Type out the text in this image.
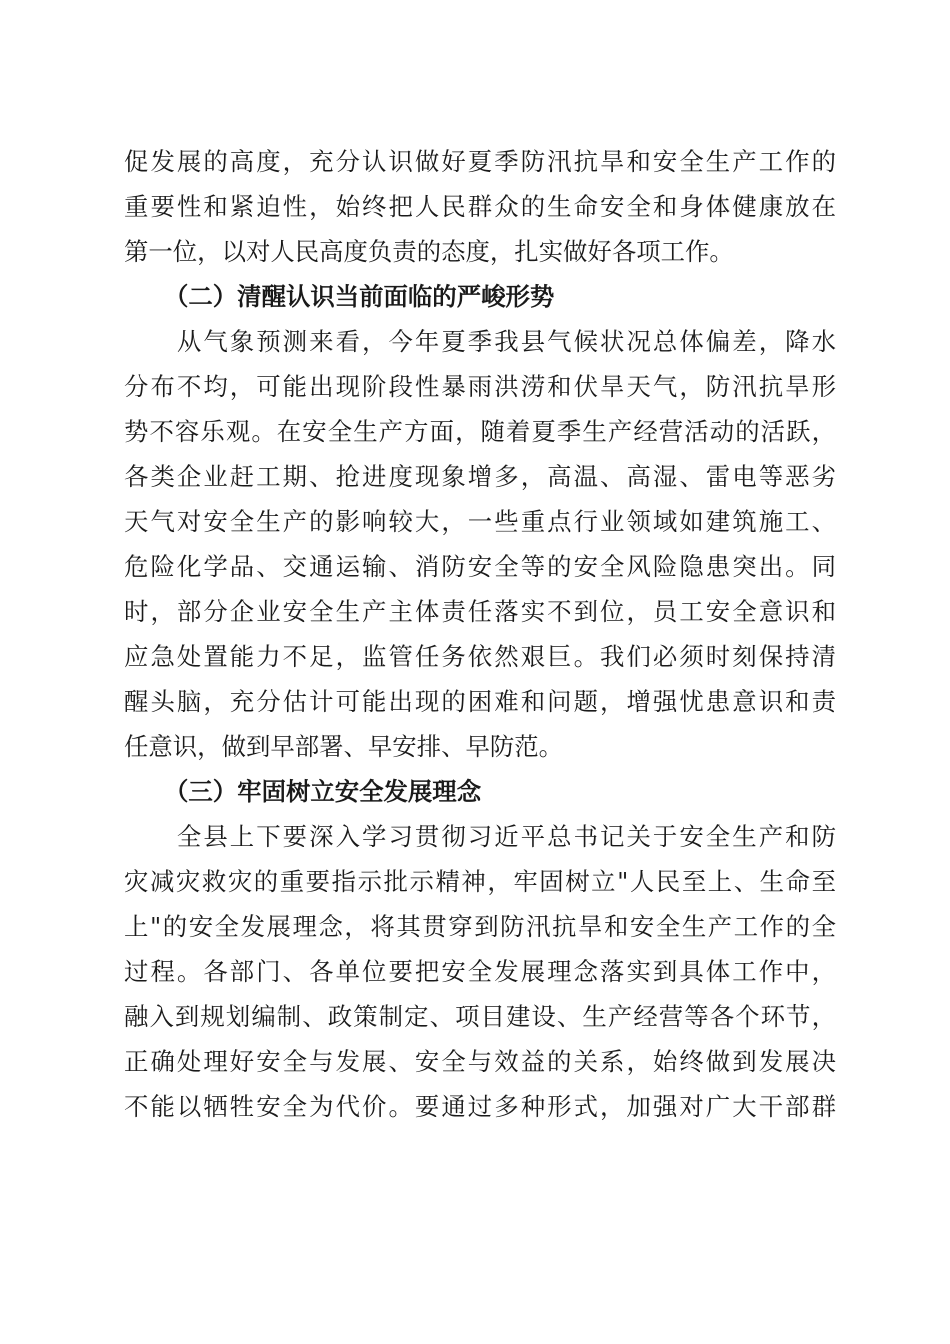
促发展的高度，充分认识做好夏季防汛抗旱和安全生产工作的
重要性和紧迫性，始终把人民群众的生命安全和身体健康放在
第一位，以对人民高度负责的态度，扎实做好各项工作。
（二）清醒认识当前面临的严峻形势
　　从气象预测来看，今年夏季我县气候状况总体偏差，降水
分布不均，可能出现阶段性暴雨洪涝和伏旱天气，防汛抗旱形
势不容乐观。在安全生产方面，随着夏季生产经营活动的活跃，
各类企业赶工期、抢进度现象增多，高温、高湿、雷电等恶劣
天气对安全生产的影响较大，一些重点行业领域如建筑施工、
危险化学品、交通运输、消防安全等的安全风险隐患突出。同
时，部分企业安全生产主体责任落实不到位，员工安全意识和
应急处置能力不足，监管任务依然艰巨。我们必须时刻保持清
醒头脑，充分估计可能出现的困难和问题，增强忧患意识和责
任意识，做到早部署、早安排、早防范。
（三）牢固树立安全发展理念
　　全县上下要深入学习贯彻习近平总书记关于安全生产和防
灾减灾救灾的重要指示批示精神，牢固树立"人民至上、生命至
上"的安全发展理念，将其贯穿到防汛抗旱和安全生产工作的全
过程。各部门、各单位要把安全发展理念落实到具体工作中，
融入到规划编制、政策制定、项目建设、生产经营等各个环节，
正确处理好安全与发展、安全与效益的关系，始终做到发展决
不能以牺牲安全为代价。要通过多种形式，加强对广大干部群
